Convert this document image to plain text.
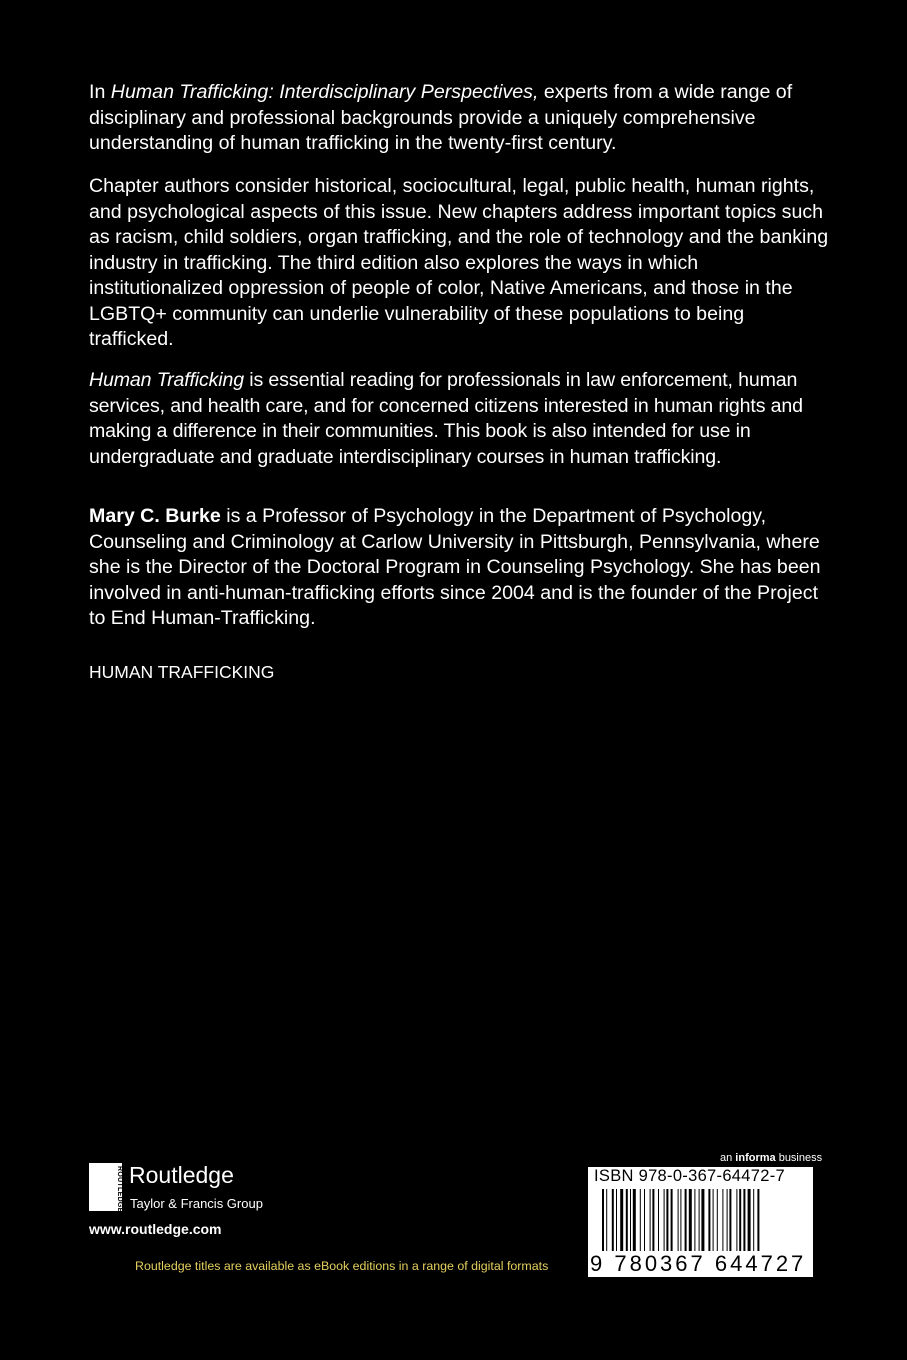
In Human Trafficking: Interdisciplinary Perspectives, experts from a wide range of disciplinary and professional backgrounds provide a uniquely comprehensive understanding of human trafficking in the twenty-first century.

Chapter authors consider historical, sociocultural, legal, public health, human rights, and psychological aspects of this issue. New chapters address important topics such as racism, child soldiers, organ trafficking, and the role of technology and the banking industry in trafficking. The third edition also explores the ways in which institutionalized oppression of people of color, Native Americans, and those in the LGBTQ+ community can underlie vulnerability of these populations to being trafficked.

Human Trafficking is essential reading for professionals in law enforcement, human services, and health care, and for concerned citizens interested in human rights and making a difference in their communities. This book is also intended for use in undergraduate and graduate interdisciplinary courses in human trafficking.

Mary C. Burke is a Professor of Psychology in the Department of Psychology, Counseling and Criminology at Carlow University in Pittsburgh, Pennsylvania, where she is the Director of the Doctoral Program in Counseling Psychology. She has been involved in anti-human-trafficking efforts since 2004 and is the founder of the Project to End Human-Trafficking.

HUMAN TRAFFICKING
ROUTLEDGE Routledge
Taylor & Francis Group
www.routledge.com
Routledge titles are available as eBook editions in a range of digital formats
an informa business
ISBN 978-0-367-64472-7
9 780367 644727
